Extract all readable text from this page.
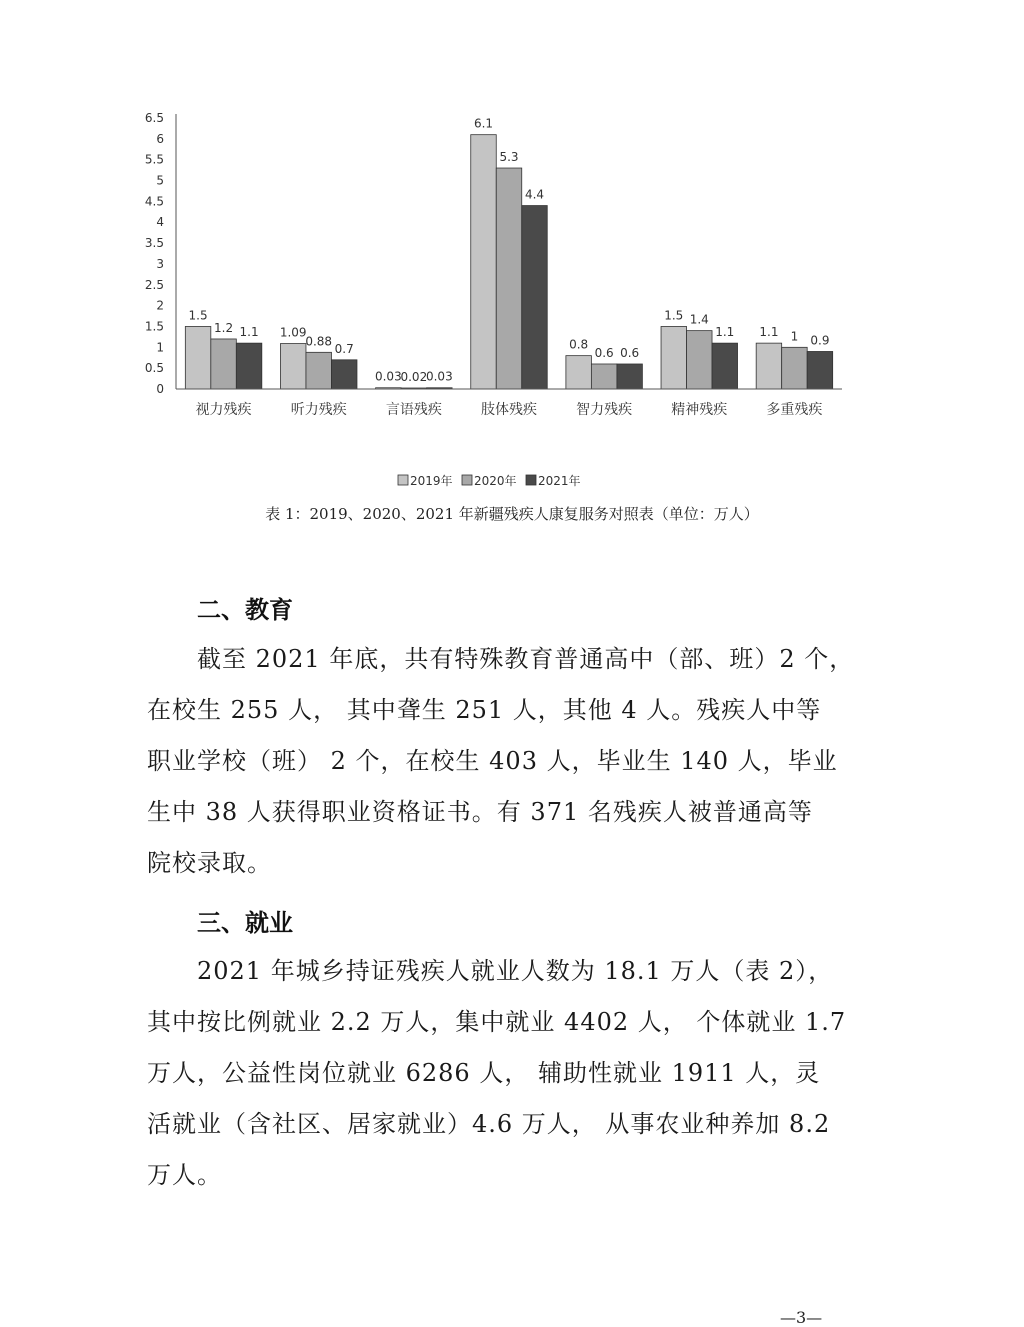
0
0.5
1
1.5
2
2.5
3
3.5
4
4.5
5
5.5
6
6.5
1.5
1.2 1.1 1.09
0.88
0.7
0.03
0.02
0.03
6.1
5.3
4.4
0.8
0.6 0.6
1.5 1.4
1.1 1.1 1 0.9
视力残疾	听力残疾	言语残疾	肢体残疾	智力残疾	精神残疾	多重残疾
2019年 2020年 2021年
表 1：2019、2020、2021 年新疆残疾人康复服务对照表（单位：万人）
二、教育
截至 2021 年底，共有特殊教育普通高中（部、班）2 个，
在校生 255 人， 其中聋生 251 人，其他 4 人。残疾人中等
职业学校（班） 2 个，在校生 403 人，毕业生 140 人，毕业
生中 38 人获得职业资格证书。有 371 名残疾人被普通高等
院校录取。
三、就业
2021 年城乡持证残疾人就业人数为 18.1 万人（表 2），
其中按比例就业 2.2 万人，集中就业 4402 人， 个体就业 1.7
万人，公益性岗位就业 6286 人， 辅助性就业 1911 人，灵
活就业（含社区、居家就业）4.6 万人， 从事农业种养加 8.2
万人。
—3—
